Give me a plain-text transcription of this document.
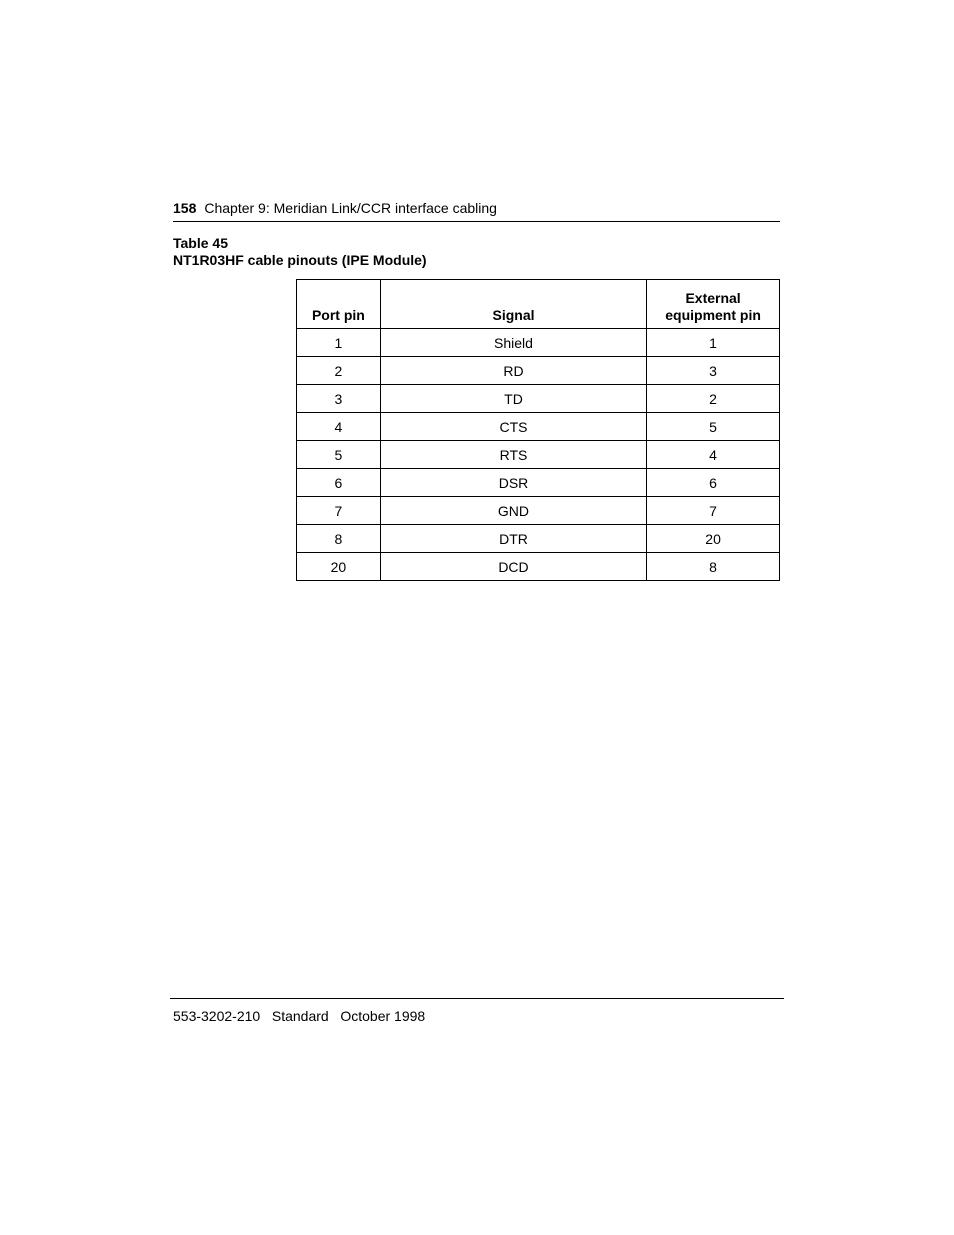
158 Chapter 9: Meridian Link/CCR interface cabling
Table 45
NT1R03HF cable pinouts (IPE Module)
Port pin	Signal	External
equipment pin

1	Shield	1
2	RD	3
3	TD	2
4	CTS	5
5	RTS	4
6	DSR	6
7	GND	7
8	DTR	20
20	DCD	8
553-3202-210 Standard October 1998
